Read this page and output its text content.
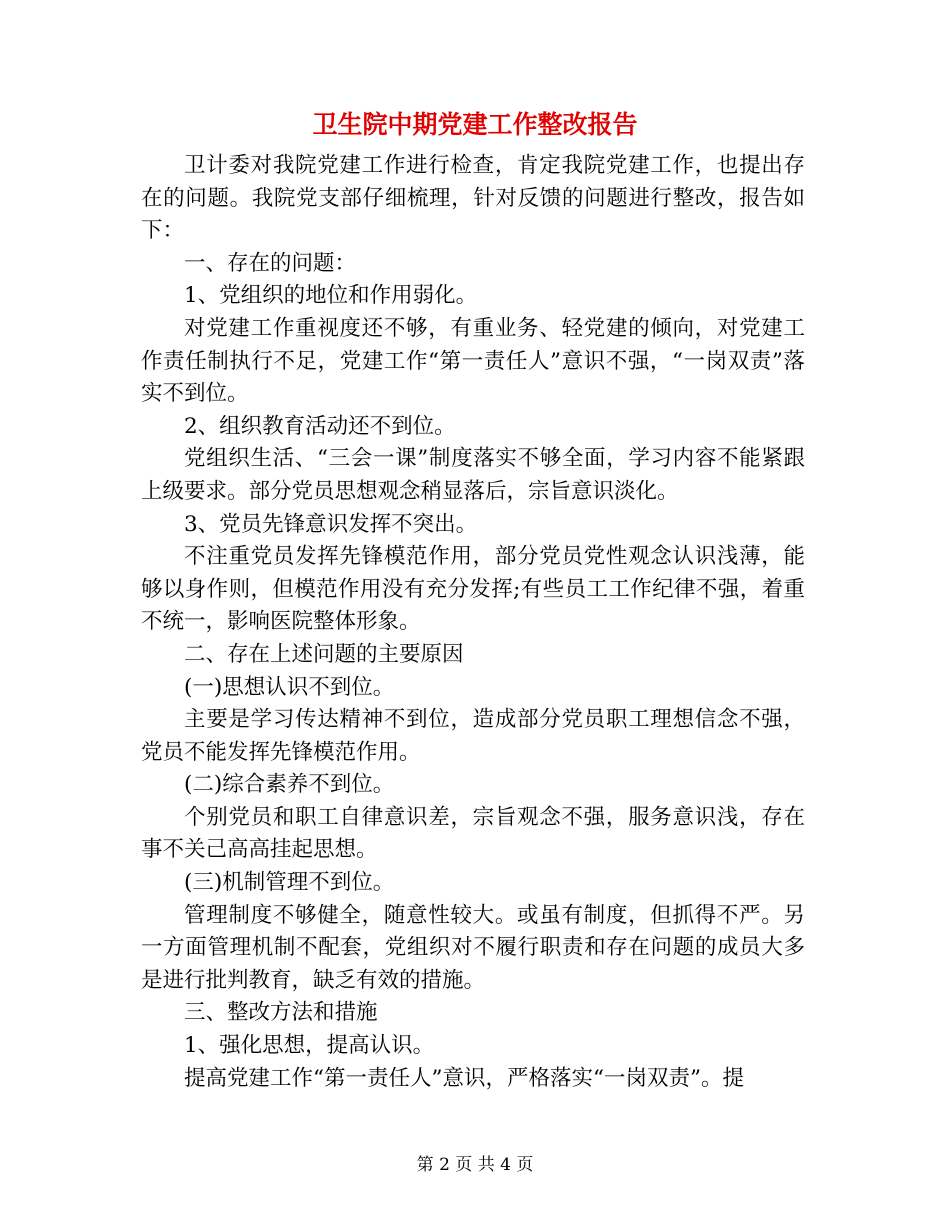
卫生院中期党建工作整改报告

卫计委对我院党建工作进行检查，肯定我院党建工作，也提出存在的问题。我院党支部仔细梳理，针对反馈的问题进行整改，报告如下：

一、存在的问题：

1、党组织的地位和作用弱化。

对党建工作重视度还不够，有重业务、轻党建的倾向，对党建工作责任制执行不足，党建工作“第一责任人”意识不强，“一岗双责”落实不到位。

2、组织教育活动还不到位。

党组织生活、“三会一课”制度落实不够全面，学习内容不能紧跟上级要求。部分党员思想观念稍显落后，宗旨意识淡化。

3、党员先锋意识发挥不突出。

不注重党员发挥先锋模范作用，部分党员党性观念认识浅薄，能够以身作则，但模范作用没有充分发挥;有些员工工作纪律不强，着重不统一，影响医院整体形象。

二、存在上述问题的主要原因

(一)思想认识不到位。

主要是学习传达精神不到位，造成部分党员职工理想信念不强，党员不能发挥先锋模范作用。

(二)综合素养不到位。

个别党员和职工自律意识差，宗旨观念不强，服务意识浅，存在事不关己高高挂起思想。

(三)机制管理不到位。

管理制度不够健全，随意性较大。或虽有制度，但抓得不严。另一方面管理机制不配套，党组织对不履行职责和存在问题的成员大多是进行批判教育，缺乏有效的措施。

三、整改方法和措施

1、强化思想，提高认识。

提高党建工作“第一责任人”意识，严格落实“一岗双责”。提

第 2 页 共 4 页
